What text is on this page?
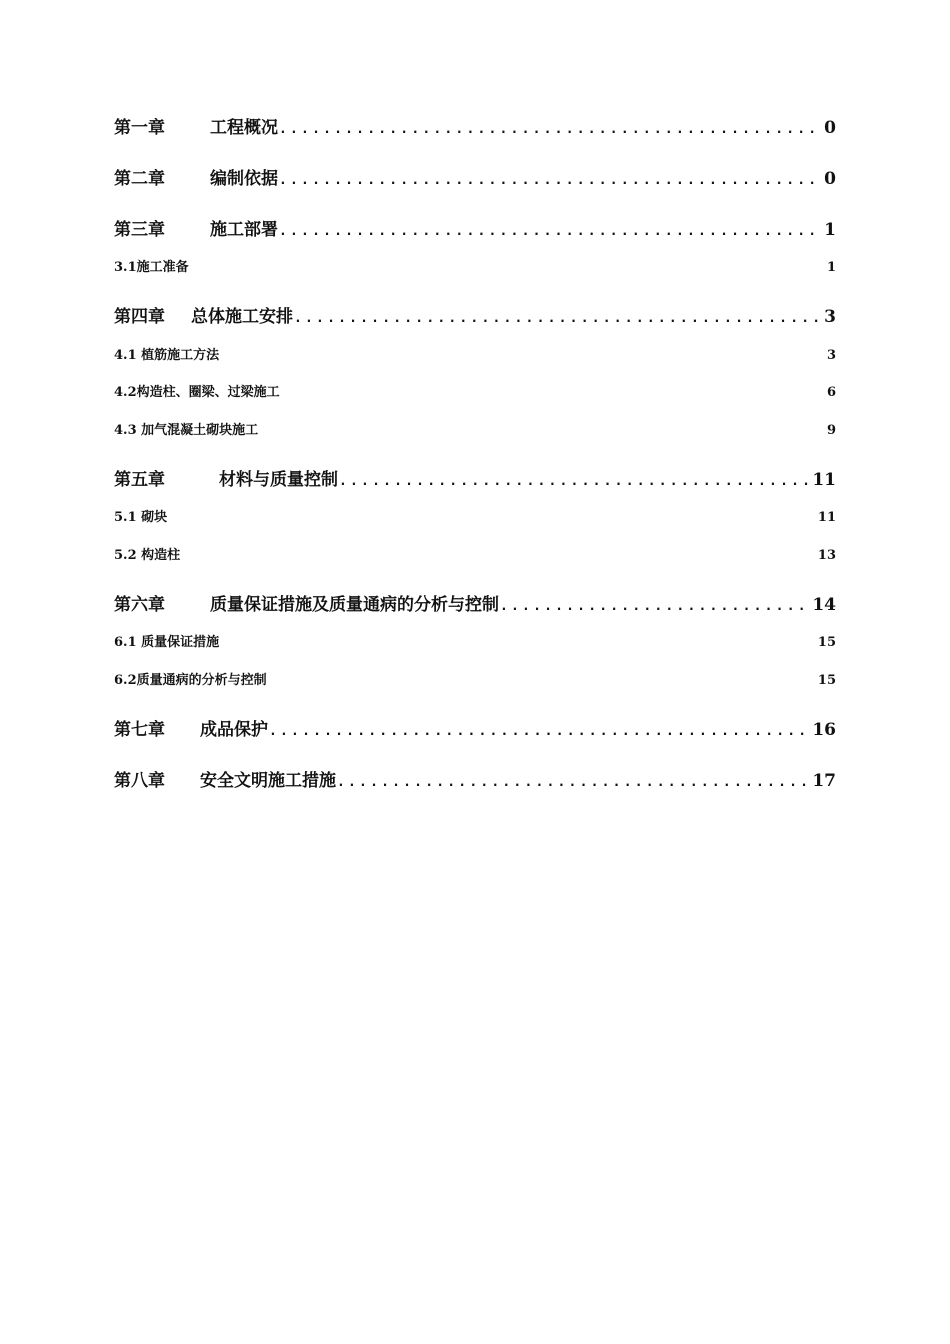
第一章	工程概况 .....	0
第二章	编制依据 .....	0
第三章	施工部署 .....	1
3.1施工准备	1
第四章	总体施工安排 .....	3
4.1 植筋施工方法	3
4.2构造柱、圈梁、过梁施工	6
4.3 加气混凝土砌块施工	9
第五章	材料与质量控制 .....	11
5.1 砌块	11
5.2 构造柱	13
第六章	质量保证措施及质量通病的分析与控制 .....	14
6.1 质量保证措施	15
6.2质量通病的分析与控制	15
第七章	成品保护 .....	16
第八章	安全文明施工措施 .....	17
